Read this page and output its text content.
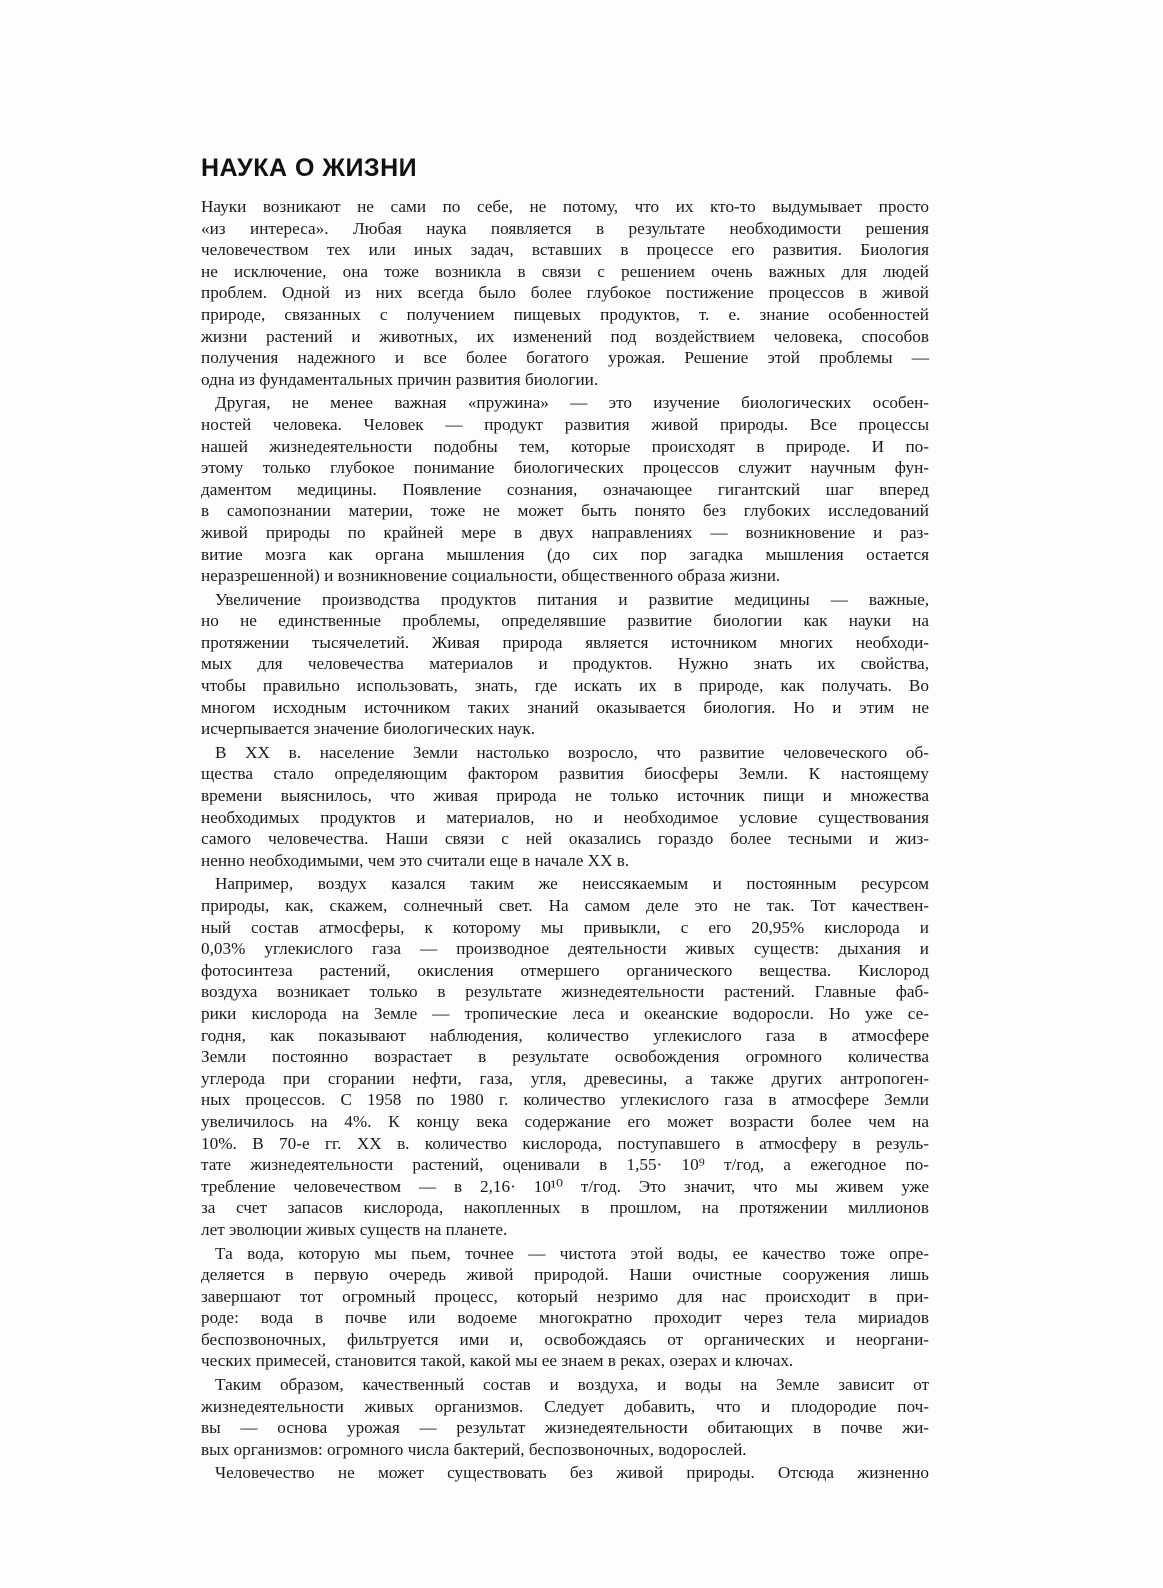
НАУКА О ЖИЗНИ
Науки возникают не сами по себе, не потому, что их кто-то выдумывает просто
«из интереса». Любая наука появляется в результате необходимости решения
человечеством тех или иных задач, вставших в процессе его развития. Биология
не исключение, она тоже возникла в связи с решением очень важных для людей
проблем. Одной из них всегда было более глубокое постижение процессов в живой
природе, связанных с получением пищевых продуктов, т. е. знание особенностей
жизни растений и животных, их изменений под воздействием человека, способов
получения надежного и все более богатого урожая. Решение этой проблемы —
одна из фундаментальных причин развития биологии.
Другая, не менее важная «пружина» — это изучение биологических особен-
ностей человека. Человек — продукт развития живой природы. Все процессы
нашей жизнедеятельности подобны тем, которые происходят в природе. И по-
этому только глубокое понимание биологических процессов служит научным фун-
даментом медицины. Появление сознания, означающее гигантский шаг вперед
в самопознании материи, тоже не может быть понято без глубоких исследований
живой природы по крайней мере в двух направлениях — возникновение и раз-
витие мозга как органа мышления (до сих пор загадка мышления остается
неразрешенной) и возникновение социальности, общественного образа жизни.
Увеличение производства продуктов питания и развитие медицины — важные,
но не единственные проблемы, определявшие развитие биологии как науки на
протяжении тысячелетий. Живая природа является источником многих необходи-
мых для человечества материалов и продуктов. Нужно знать их свойства,
чтобы правильно использовать, знать, где искать их в природе, как получать. Во
многом исходным источником таких знаний оказывается биология. Но и этим не
исчерпывается значение биологических наук.
В XX в. население Земли настолько возросло, что развитие человеческого об-
щества стало определяющим фактором развития биосферы Земли. К настоящему
времени выяснилось, что живая природа не только источник пищи и множества
необходимых продуктов и материалов, но и необходимое условие существования
самого человечества. Наши связи с ней оказались гораздо более тесными и жиз-
ненно необходимыми, чем это считали еще в начале XX в.
Например, воздух казался таким же неиссякаемым и постоянным ресурсом
природы, как, скажем, солнечный свет. На самом деле это не так. Тот качествен-
ный состав атмосферы, к которому мы привыкли, с его 20,95% кислорода и
0,03% углекислого газа — производное деятельности живых существ: дыхания и
фотосинтеза растений, окисления отмершего органического вещества. Кислород
воздуха возникает только в результате жизнедеятельности растений. Главные фаб-
рики кислорода на Земле — тропические леса и океанские водоросли. Но уже се-
годня, как показывают наблюдения, количество углекислого газа в атмосфере
Земли постоянно возрастает в результате освобождения огромного количества
углерода при сгорании нефти, газа, угля, древесины, а также других антропоген-
ных процессов. С 1958 по 1980 г. количество углекислого газа в атмосфере Земли
увеличилось на 4%. К концу века содержание его может возрасти более чем на
10%. В 70-е гг. XX в. количество кислорода, поступавшего в атмосферу в резуль-
тате жизнедеятельности растений, оценивали в 1,55· 10⁹ т/год, а ежегодное по-
требление человечеством — в 2,16· 10¹⁰ т/год. Это значит, что мы живем уже
за счет запасов кислорода, накопленных в прошлом, на протяжении миллионов
лет эволюции живых существ на планете.
Та вода, которую мы пьем, точнее — чистота этой воды, ее качество тоже опре-
деляется в первую очередь живой природой. Наши очистные сооружения лишь
завершают тот огромный процесс, который незримо для нас происходит в при-
роде: вода в почве или водоеме многократно проходит через тела мириадов
беспозвоночных, фильтруется ими и, освобождаясь от органических и неоргани-
ческих примесей, становится такой, какой мы ее знаем в реках, озерах и ключах.
Таким образом, качественный состав и воздуха, и воды на Земле зависит от
жизнедеятельности живых организмов. Следует добавить, что и плодородие поч-
вы — основа урожая — результат жизнедеятельности обитающих в почве жи-
вых организмов: огромного числа бактерий, беспозвоночных, водорослей.
Человечество не может существовать без живой природы. Отсюда жизненно
